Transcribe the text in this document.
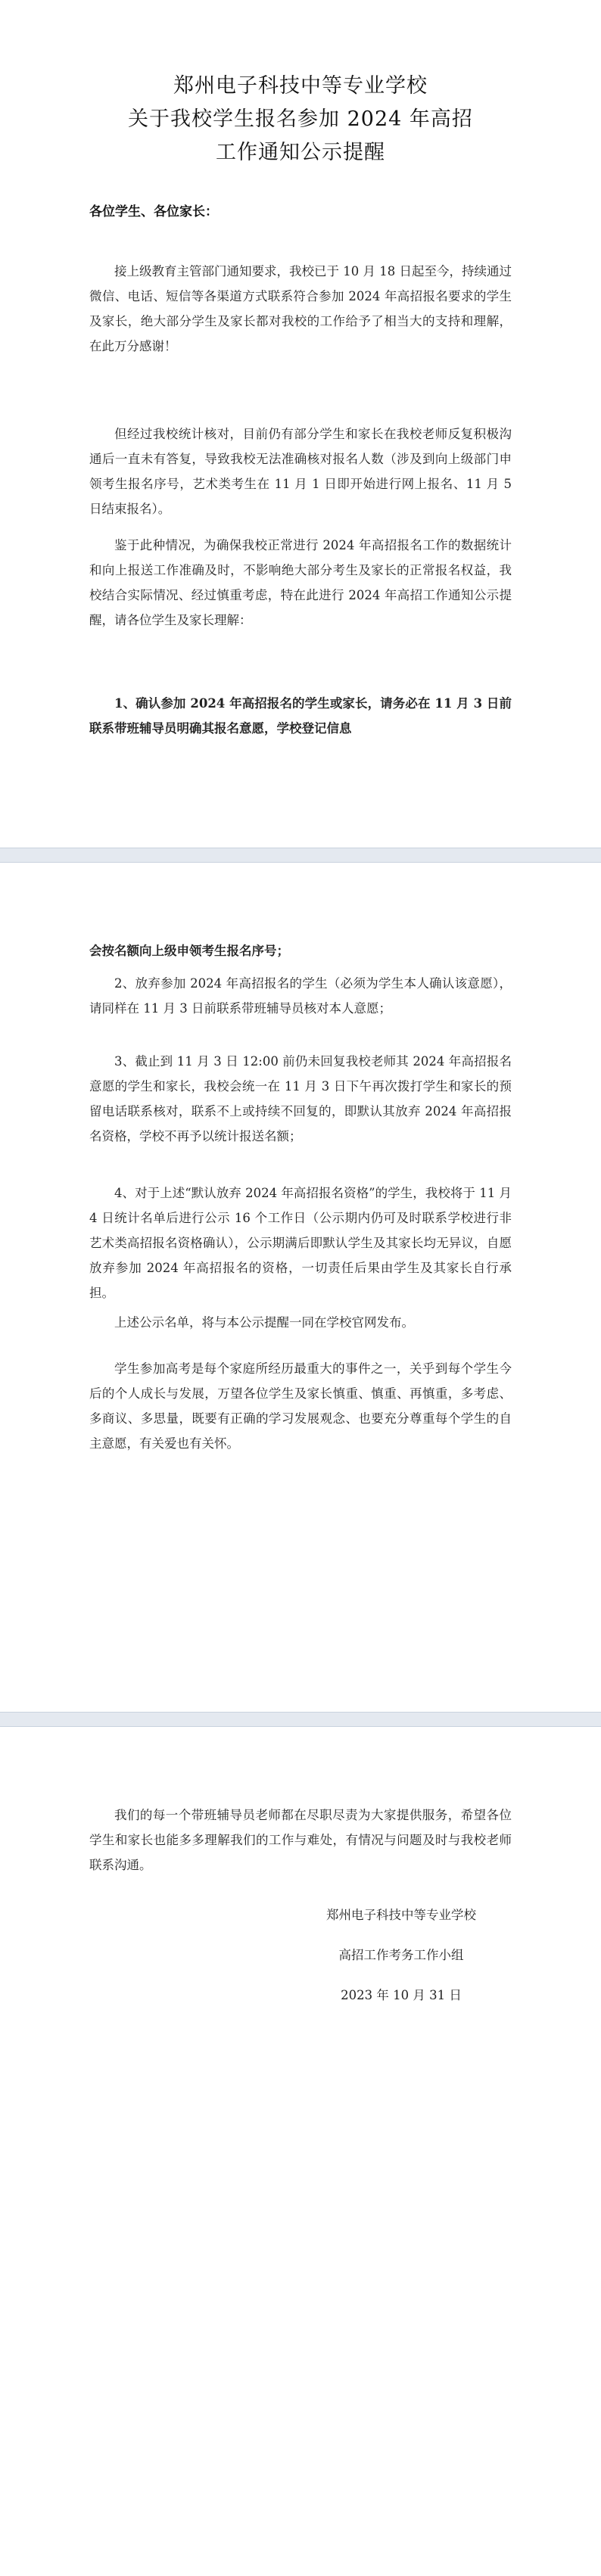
郑州电子科技中等专业学校
关于我校学生报名参加 2024 年高招
工作通知公示提醒
各位学生、各位家长：

接上级教育主管部门通知要求，我校已于 10 月 18 日起至今，持续通过微信、电话、短信等各渠道方式联系符合参加 2024 年高招报名要求的学生及家长，绝大部分学生及家长都对我校的工作给予了相当大的支持和理解，在此万分感谢！

但经过我校统计核对，目前仍有部分学生和家长在我校老师反复积极沟通后一直未有答复，导致我校无法准确核对报名人数（涉及到向上级部门申领考生报名序号，艺术类考生在 11 月 1 日即开始进行网上报名、11 月 5 日结束报名）。

鉴于此种情况，为确保我校正常进行 2024 年高招报名工作的数据统计和向上报送工作准确及时，不影响绝大部分考生及家长的正常报名权益，我校结合实际情况、经过慎重考虑，特在此进行 2024 年高招工作通知公示提醒，请各位学生及家长理解：

1、确认参加 2024 年高招报名的学生或家长，请务必在 11 月 3 日前联系带班辅导员明确其报名意愿，学校登记信息

会按名额向上级申领考生报名序号；

2、放弃参加 2024 年高招报名的学生（必须为学生本人确认该意愿），请同样在 11 月 3 日前联系带班辅导员核对本人意愿；

3、截止到 11 月 3 日 12:00 前仍未回复我校老师其 2024 年高招报名意愿的学生和家长，我校会统一在 11 月 3 日下午再次拨打学生和家长的预留电话联系核对，联系不上或持续不回复的，即默认其放弃 2024 年高招报名资格，学校不再予以统计报送名额；

4、对于上述“默认放弃 2024 年高招报名资格”的学生，我校将于 11 月 4 日统计名单后进行公示 16 个工作日（公示期内仍可及时联系学校进行非艺术类高招报名资格确认），公示期满后即默认学生及其家长均无异议，自愿放弃参加 2024 年高招报名的资格，一切责任后果由学生及其家长自行承担。

上述公示名单，将与本公示提醒一同在学校官网发布。

学生参加高考是每个家庭所经历最重大的事件之一，关乎到每个学生今后的个人成长与发展，万望各位学生及家长慎重、慎重、再慎重，多考虑、多商议、多思量，既要有正确的学习发展观念、也要充分尊重每个学生的自主意愿，有关爱也有关怀。

我们的每一个带班辅导员老师都在尽职尽责为大家提供服务，希望各位学生和家长也能多多理解我们的工作与难处，有情况与问题及时与我校老师联系沟通。

郑州电子科技中等专业学校
高招工作考务工作小组
2023 年 10 月 31 日
